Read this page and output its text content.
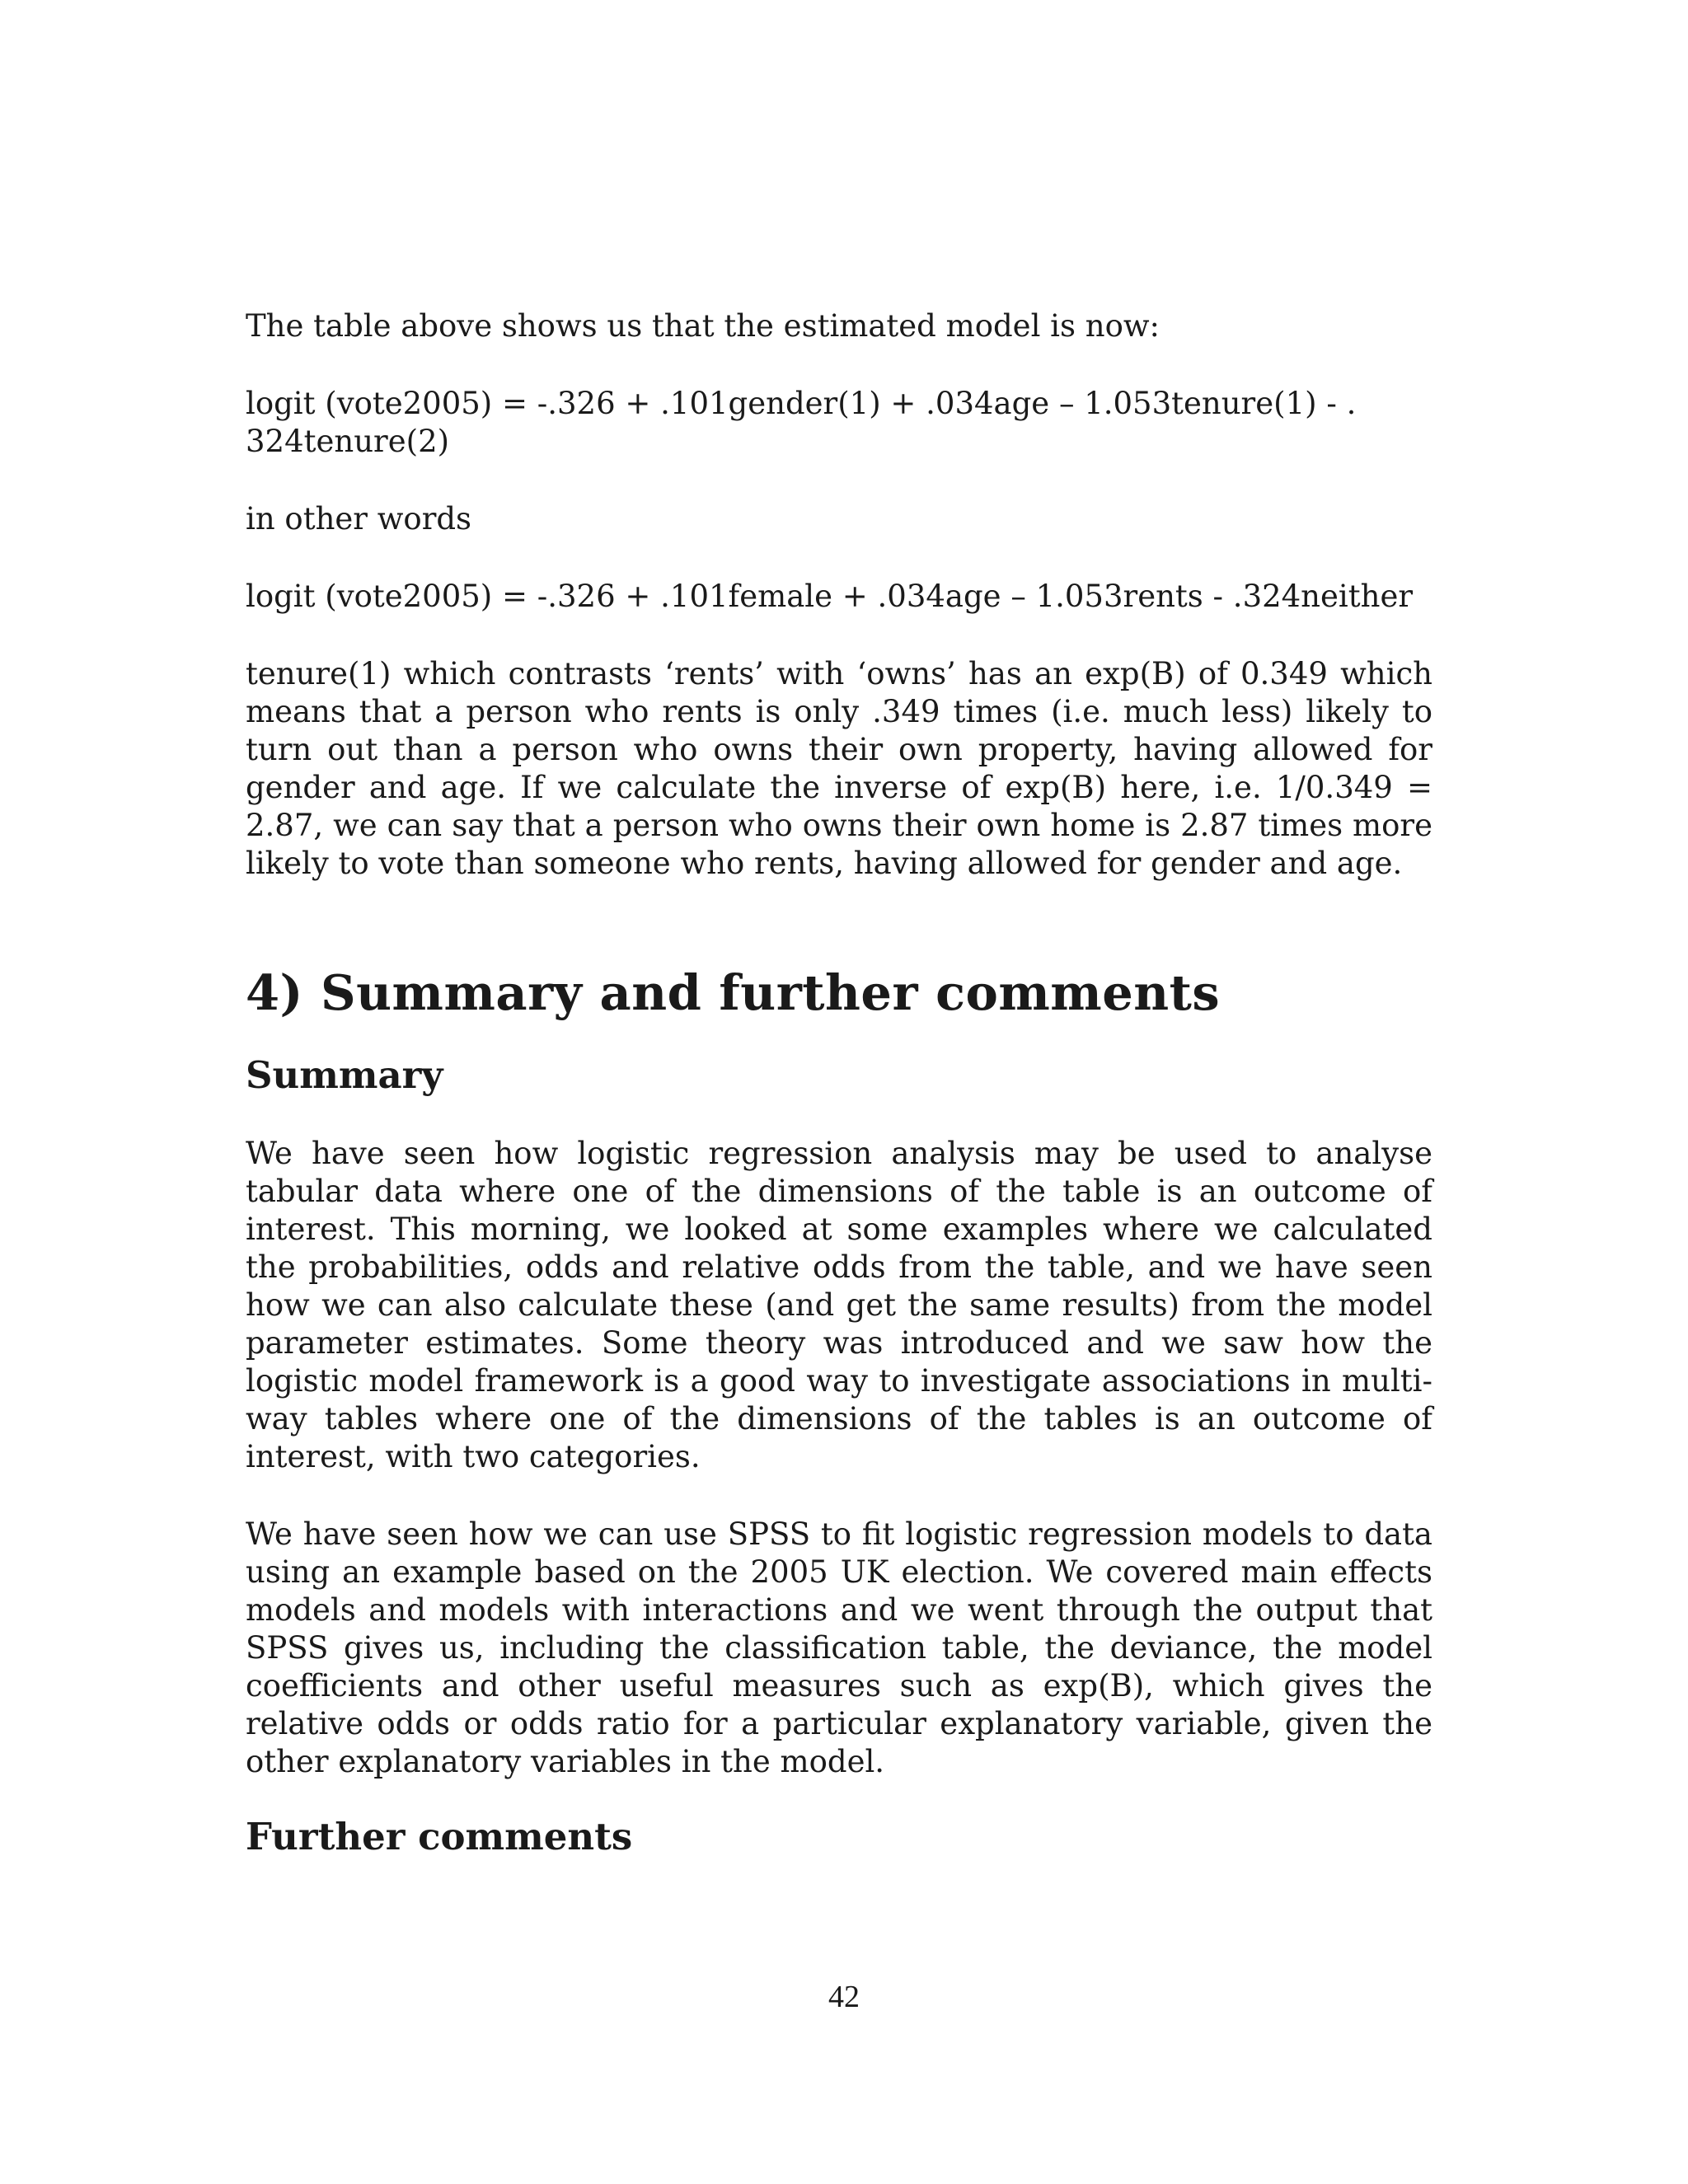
The table above shows us that the estimated model is now:

logit (vote2005) = -.326 + .101gender(1) + .034age – 1.053tenure(1) - .

324tenure(2)

in other words

logit (vote2005) = -.326 + .101female + .034age – 1.053rents - .324neither

tenure(1) which contrasts ‘rents’ with ‘owns’ has an exp(B) of 0.349 which means that a person who rents is only .349 times (i.e. much less) likely to turn out than a person who owns their own property, having allowed for gender and age. If we calculate the inverse of exp(B) here, i.e. 1/0.349 = 2.87, we can say that a person who owns their own home is 2.87 times more likely to vote than someone who rents, having allowed for gender and age.

4) Summary and further comments
Summary

We have seen how logistic regression analysis may be used to analyse tabular data where one of the dimensions of the table is an outcome of interest. This morning, we looked at some examples where we calculated the probabilities, odds and relative odds from the table, and we have seen how we can also calculate these (and get the same results) from the model parameter estimates. Some theory was introduced and we saw how the logistic model framework is a good way to investigate associations in multi-way tables where one of the dimensions of the tables is an outcome of interest, with two categories.

We have seen how we can use SPSS to fit logistic regression models to data using an example based on the 2005 UK election. We covered main effects models and models with interactions and we went through the output that SPSS gives us, including the classification table, the deviance, the model coefficients and other useful measures such as exp(B), which gives the relative odds or odds ratio for a particular explanatory variable, given the other explanatory variables in the model.

Further comments
42
